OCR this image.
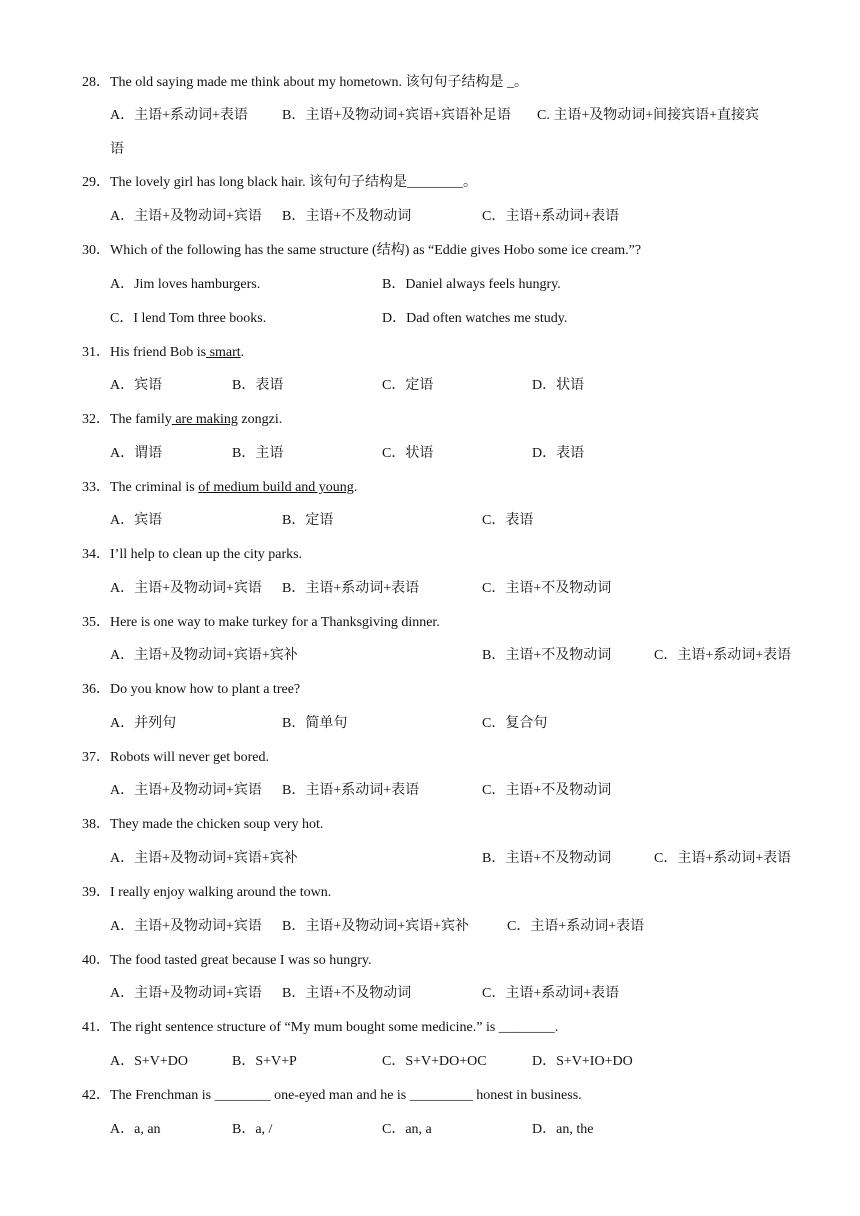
28．The old saying made me think about my hometown. 该句句子结构是 _。
A．主语+系动词+表语 B．主语+及物动词+宾语+宾语补足语 C. 主语+及物动词+间接宾语+直接宾
语
29．The lovely girl has long black hair. 该句句子结构是________。
A．主语+及物动词+宾语 B．主语+不及物动词	C．主语+系动词+表语
30．Which of the following has the same structure (结构) as “Eddie gives Hobo some ice cream.”?
A．Jim loves hamburgers.	B．Daniel always feels hungry.
C．I lend Tom three books.	D．Dad often watches me study.
31．His friend Bob is smart.
A．宾语	B．表语	C．定语	D．状语
32．The family are making zongzi.
A．谓语	B．主语	C．状语	D．表语
33．The criminal is of medium build and young.
A．宾语	B．定语	C．表语
34．I’ll help to clean up the city parks.
A．主语+及物动词+宾语 B．主语+系动词+表语	C．主语+不及物动词
35．Here is one way to make turkey for a Thanksgiving dinner.
A．主语+及物动词+宾语+宾补	B．主语+不及物动词	C．主语+系动词+表语
36．Do you know how to plant a tree?
A．并列句	B．简单句	C．复合句
37．Robots will never get bored.
A．主语+及物动词+宾语 B．主语+系动词+表语	C．主语+不及物动词
38．They made the chicken soup very hot.
A．主语+及物动词+宾语+宾补	B．主语+不及物动词	C．主语+系动词+表语
39．I really enjoy walking around the town.
A．主语+及物动词+宾语 B．主语+及物动词+宾语+宾补	C．主语+系动词+表语
40．The food tasted great because I was so hungry.
A．主语+及物动词+宾语 B．主语+不及物动词	C．主语+系动词+表语
41．The right sentence structure of “My mum bought some medicine.” is ________.
A．S+V+DO	B．S+V+P	C．S+V+DO+OC	D．S+V+IO+DO
42．The Frenchman is ________ one-eyed man and he is _________ honest in business.
A．a, an	B．a, /	C．an, a	D．an, the
